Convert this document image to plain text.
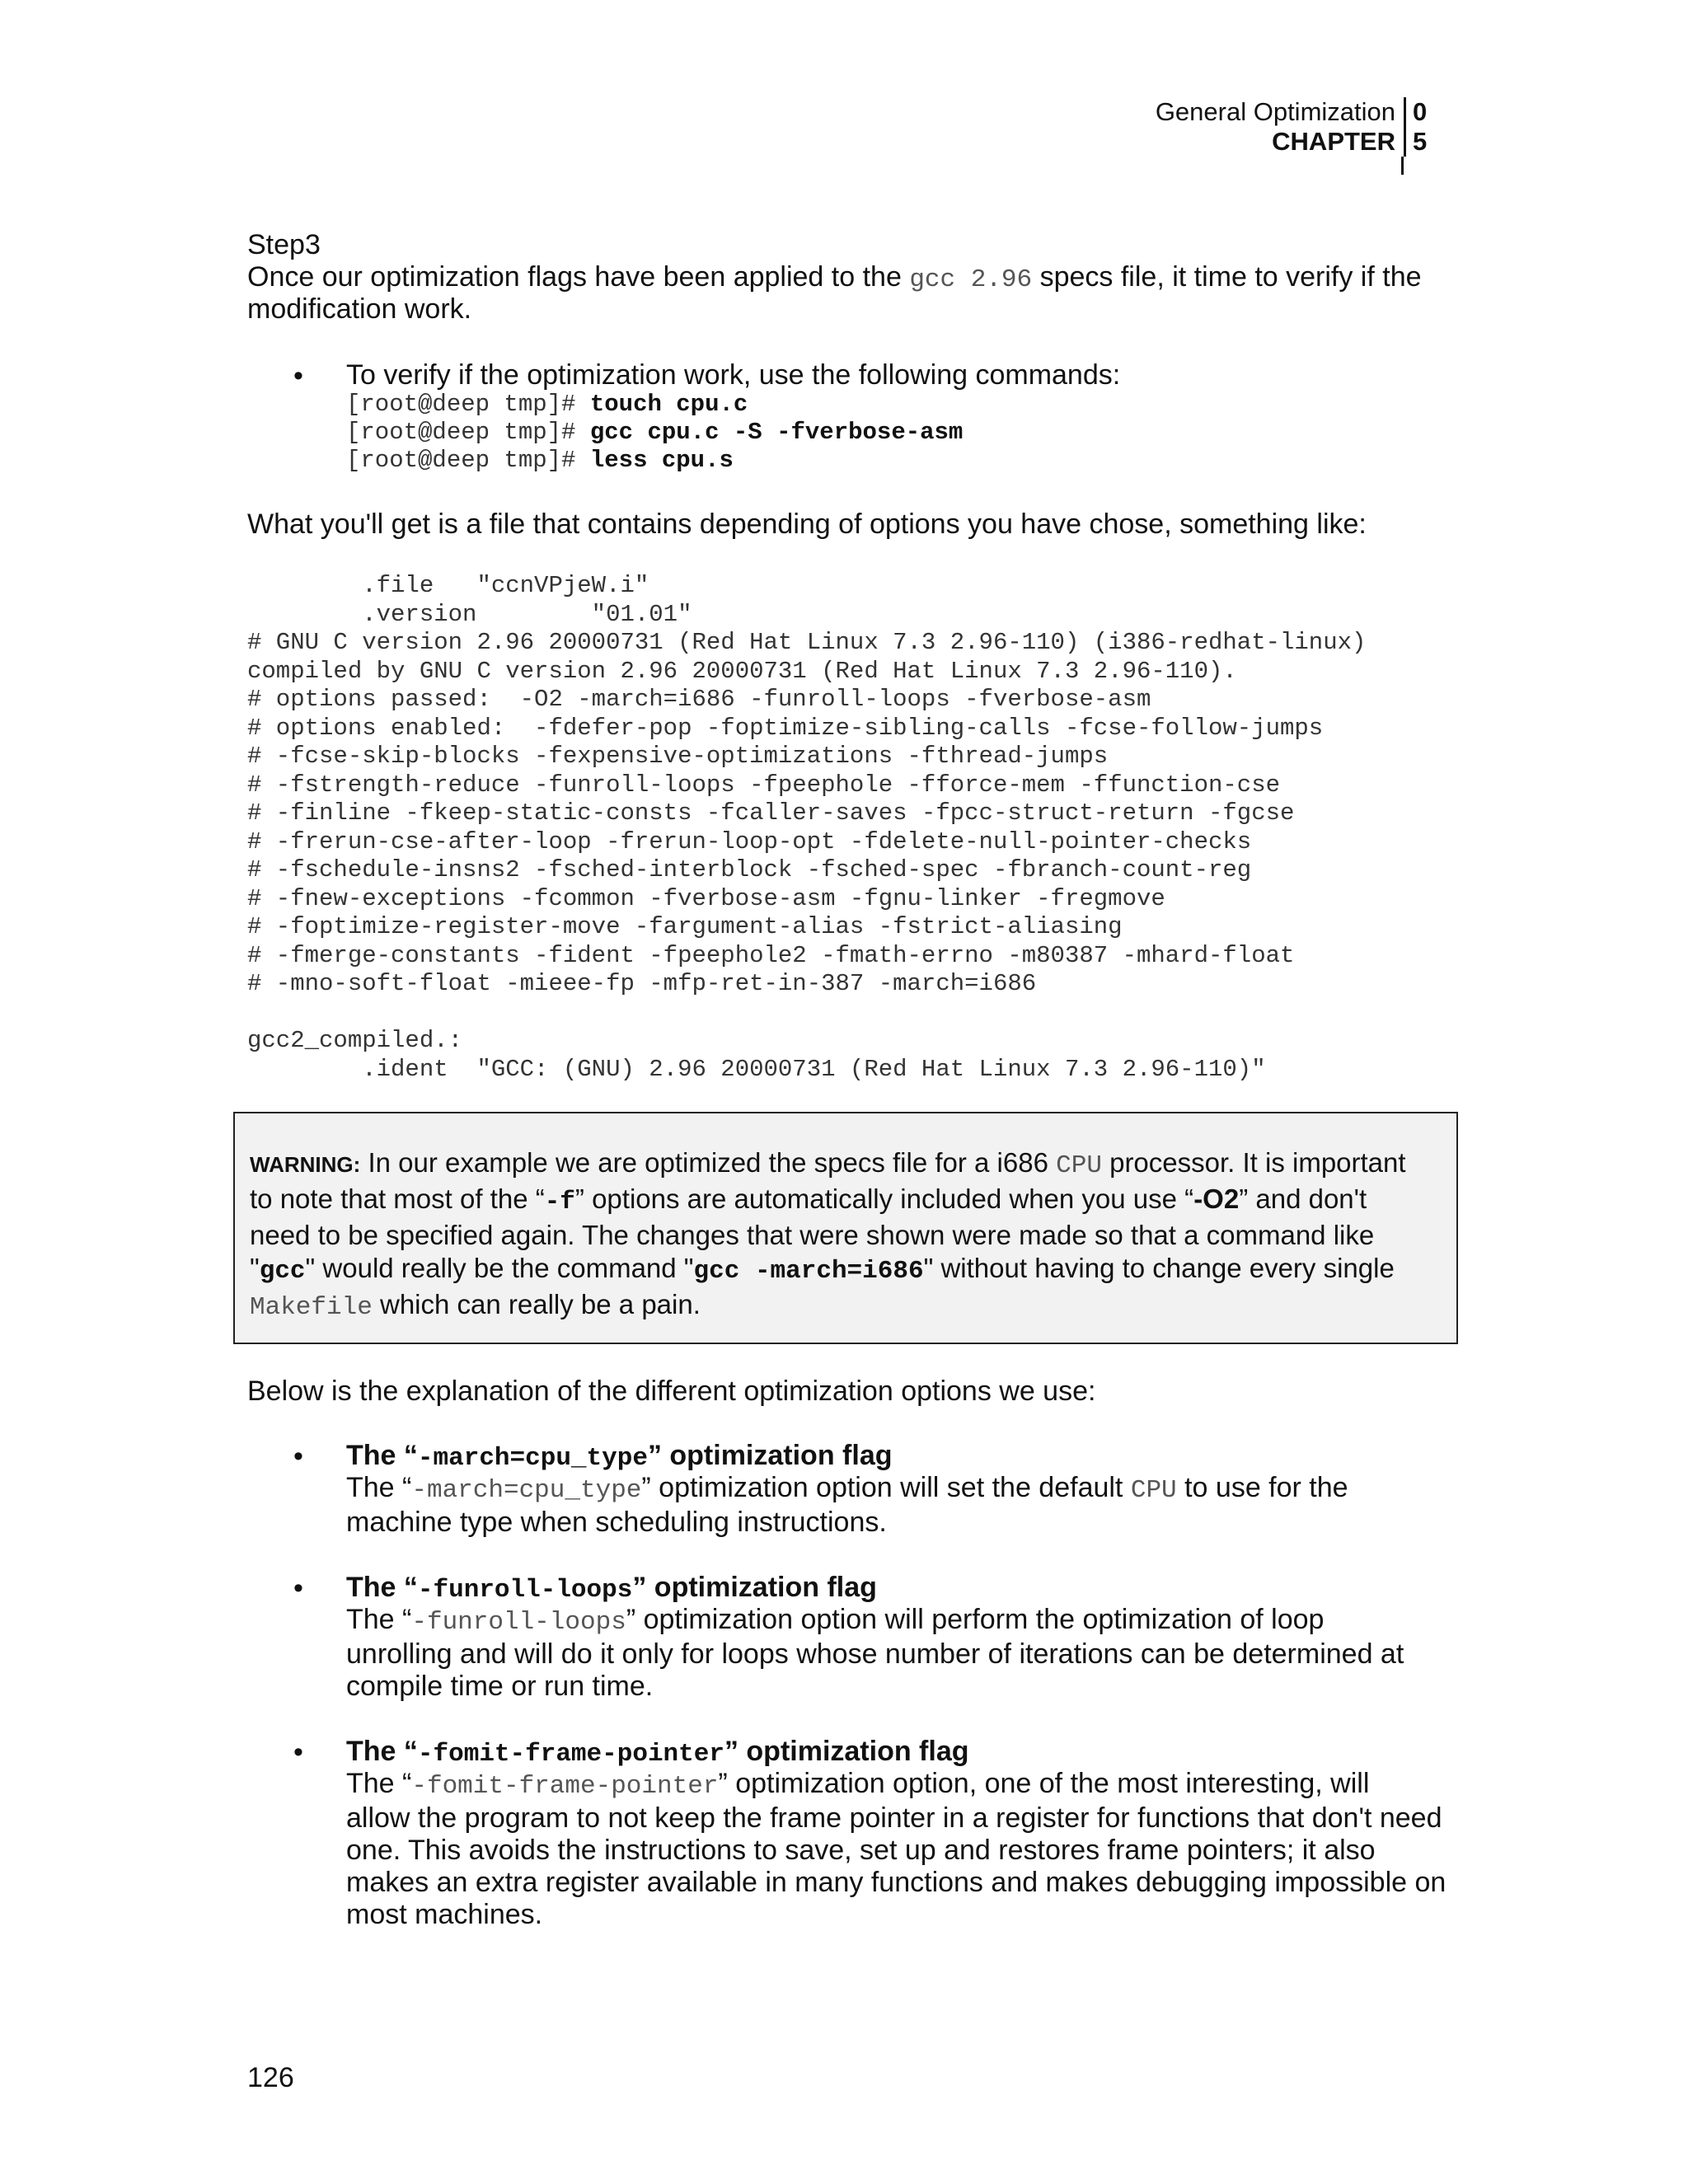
General Optimization 0
CHAPTER 5
Step3
Once our optimization flags have been applied to the gcc 2.96 specs file, it time to verify if the
modification work.
• To verify if the optimization work, use the following commands:
[root@deep tmp]# touch cpu.c
[root@deep tmp]# gcc cpu.c -S -fverbose-asm
[root@deep tmp]# less cpu.s
What you'll get is a file that contains depending of options you have chose, something like:
.file   "ccnVPjeW.i"
.version        "01.01"
# GNU C version 2.96 20000731 (Red Hat Linux 7.3 2.96-110) (i386-redhat-linux)
compiled by GNU C version 2.96 20000731 (Red Hat Linux 7.3 2.96-110).
# options passed:  -O2 -march=i686 -funroll-loops -fverbose-asm
# options enabled:  -fdefer-pop -foptimize-sibling-calls -fcse-follow-jumps
# -fcse-skip-blocks -fexpensive-optimizations -fthread-jumps
# -fstrength-reduce -funroll-loops -fpeephole -fforce-mem -ffunction-cse
# -finline -fkeep-static-consts -fcaller-saves -fpcc-struct-return -fgcse
# -frerun-cse-after-loop -frerun-loop-opt -fdelete-null-pointer-checks
# -fschedule-insns2 -fsched-interblock -fsched-spec -fbranch-count-reg
# -fnew-exceptions -fcommon -fverbose-asm -fgnu-linker -fregmove
# -foptimize-register-move -fargument-alias -fstrict-aliasing
# -fmerge-constants -fident -fpeephole2 -fmath-errno -m80387 -mhard-float
# -mno-soft-float -mieee-fp -mfp-ret-in-387 -march=i686
gcc2_compiled.:
.ident  "GCC: (GNU) 2.96 20000731 (Red Hat Linux 7.3 2.96-110)"
WARNING: In our example we are optimized the specs file for a i686 CPU processor. It is important
to note that most of the “-f” options are automatically included when you use “-O2” and don't
need to be specified again. The changes that were shown were made so that a command like
"gcc" would really be the command "gcc -march=i686" without having to change every single
Makefile which can really be a pain.
Below is the explanation of the different optimization options we use:
• The “-march=cpu_type” optimization flag
The “-march=cpu_type” optimization option will set the default CPU to use for the
machine type when scheduling instructions.
• The “-funroll-loops” optimization flag
The “-funroll-loops” optimization option will perform the optimization of loop
unrolling and will do it only for loops whose number of iterations can be determined at
compile time or run time.
• The “-fomit-frame-pointer” optimization flag
The “-fomit-frame-pointer” optimization option, one of the most interesting, will
allow the program to not keep the frame pointer in a register for functions that don't need
one. This avoids the instructions to save, set up and restores frame pointers; it also
makes an extra register available in many functions and makes debugging impossible on
most machines.
126
